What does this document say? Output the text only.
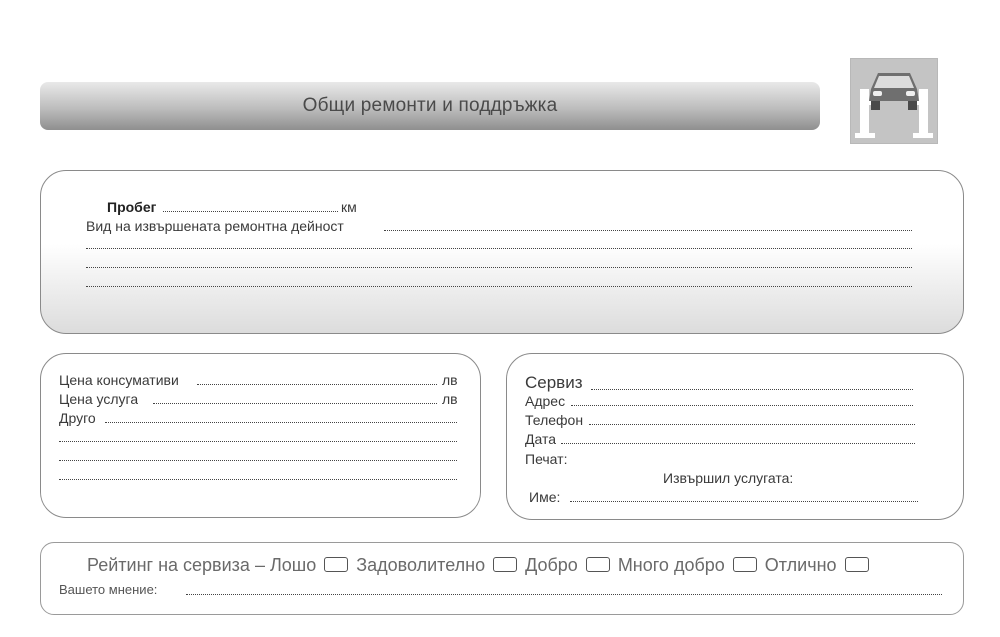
Общи ремонти и поддръжка
Пробег	км
Вид на извършената ремонтна дейност
Цена консумативи	лв
Цена услуга	лв
Друго
Сервиз
Адрес
Телефон
Дата
Печат:
Извършил услугата:
Име:
Рейтинг на сервиза – Лошо Задоволително Добро Много добро Отлично
Вашето мнение:
